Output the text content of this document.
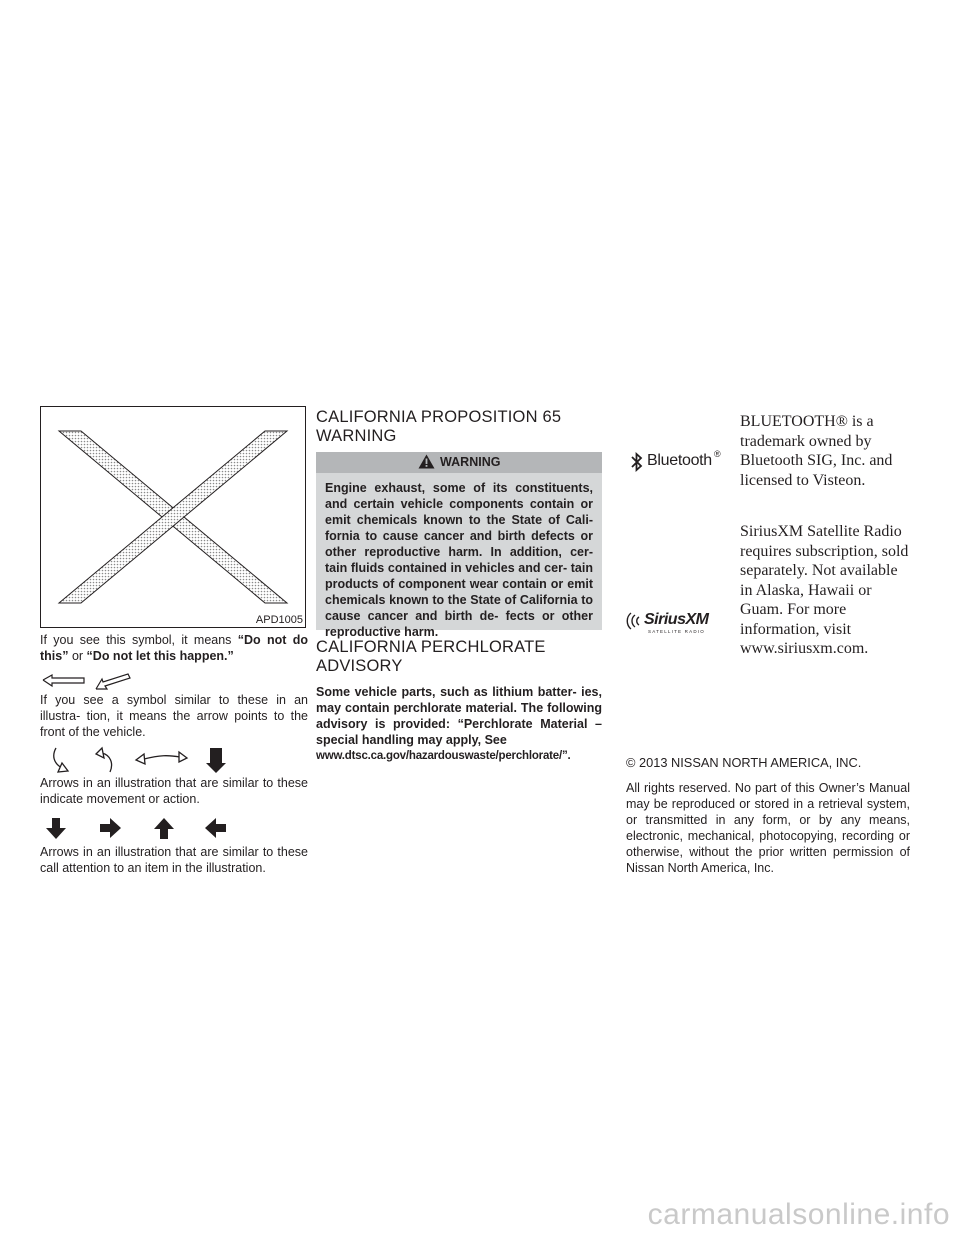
APD1005

If you see this symbol, it means “Do not do this” or “Do not let this happen.”

If you see a symbol similar to these in an illustra- tion, it means the arrow points to the front of the vehicle.

Arrows in an illustration that are similar to these indicate movement or action.

Arrows in an illustration that are similar to these call attention to an item in the illustration.

CALIFORNIA PROPOSITION 65
WARNING
WARNING

Engine exhaust, some of its constituents, and certain vehicle components contain or emit chemicals known to the State of Cali- fornia to cause cancer and birth defects or other reproductive harm. In addition, cer- tain fluids contained in vehicles and cer- tain products of component wear contain or emit chemicals known to the State of California to cause cancer and birth de- fects or other reproductive harm.

CALIFORNIA PERCHLORATE
ADVISORY

Some vehicle parts, such as lithium batter- ies, may contain perchlorate material. The following advisory is provided: “Perchlorate Material – special handling may apply, See

www.dtsc.ca.gov/hazardouswaste/perchlorate/”.

Bluetooth ®

BLUETOOTH® is a trademark owned by Bluetooth SIG, Inc. and licensed to Visteon.

SiriusXM
SATELLITE RADIO

SiriusXM Satellite Radio requires subscription, sold separately. Not available in Alaska, Hawaii or Guam. For more information, visit www.siriusxm.com.

© 2013 NISSAN NORTH AMERICA, INC.

All rights reserved. No part of this Owner’s Manual may be reproduced or stored in a retrieval system, or transmitted in any form, or by any means, electronic, mechanical, photocopying, recording or otherwise, without the prior written permission of Nissan North America, Inc.

carmanualsonline.info
